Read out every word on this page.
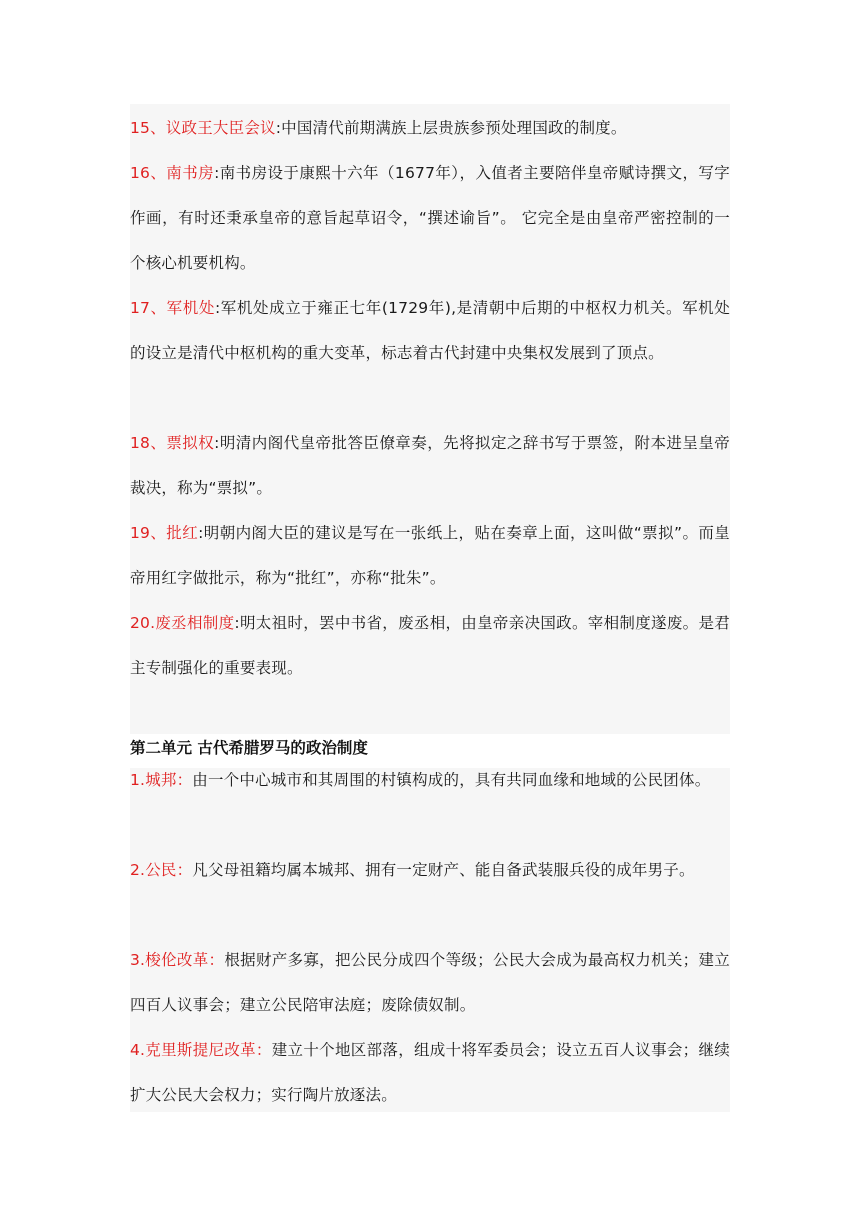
15、议政王大臣会议:中国清代前期满族上层贵族参预处理国政的制度。
16、南书房:南书房设于康熙十六年（1677年），入值者主要陪伴皇帝赋诗撰文，写字作画，有时还秉承皇帝的意旨起草诏令，“撰述谕旨”。 它完全是由皇帝严密控制的一个核心机要机构。
17、军机处:军机处成立于雍正七年(1729年),是清朝中后期的中枢权力机关。军机处的设立是清代中枢机构的重大变革，标志着古代封建中央集权发展到了顶点。
18、票拟权:明清内阁代皇帝批答臣僚章奏，先将拟定之辞书写于票签，附本进呈皇帝裁决，称为“票拟”。
19、批红:明朝内阁大臣的建议是写在一张纸上，贴在奏章上面，这叫做“票拟”。而皇帝用红字做批示，称为“批红”，亦称“批朱”。
20.废丞相制度:明太祖时，罢中书省，废丞相，由皇帝亲决国政。宰相制度遂废。是君主专制强化的重要表现。
第二单元 古代希腊罗马的政治制度
1.城邦：由一个中心城市和其周围的村镇构成的，具有共同血缘和地域的公民团体。
2.公民：凡父母祖籍均属本城邦、拥有一定财产、能自备武装服兵役的成年男子。
3.梭伦改革：根据财产多寡，把公民分成四个等级；公民大会成为最高权力机关；建立四百人议事会；建立公民陪审法庭；废除债奴制。
4.克里斯提尼改革：建立十个地区部落，组成十将军委员会；设立五百人议事会；继续扩大公民大会权力；实行陶片放逐法。
